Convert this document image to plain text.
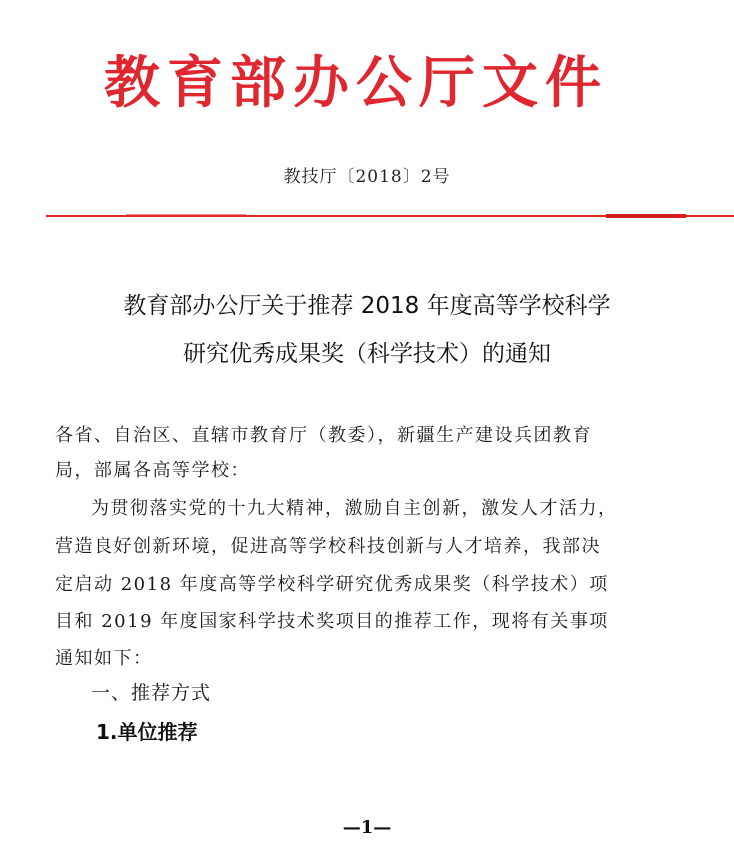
教育部办公厅文件
教技厅〔2018〕2号
教育部办公厅关于推荐 2018 年度高等学校科学
研究优秀成果奖（科学技术）的通知
各省、自治区、直辖市教育厅（教委），新疆生产建设兵团教育
局，部属各高等学校：
为贯彻落实党的十九大精神，激励自主创新，激发人才活力，
营造良好创新环境，促进高等学校科技创新与人才培养，我部决
定启动 2018 年度高等学校科学研究优秀成果奖（科学技术）项
目和 2019 年度国家科学技术奖项目的推荐工作，现将有关事项
通知如下：
一、推荐方式
1.单位推荐
—1—
